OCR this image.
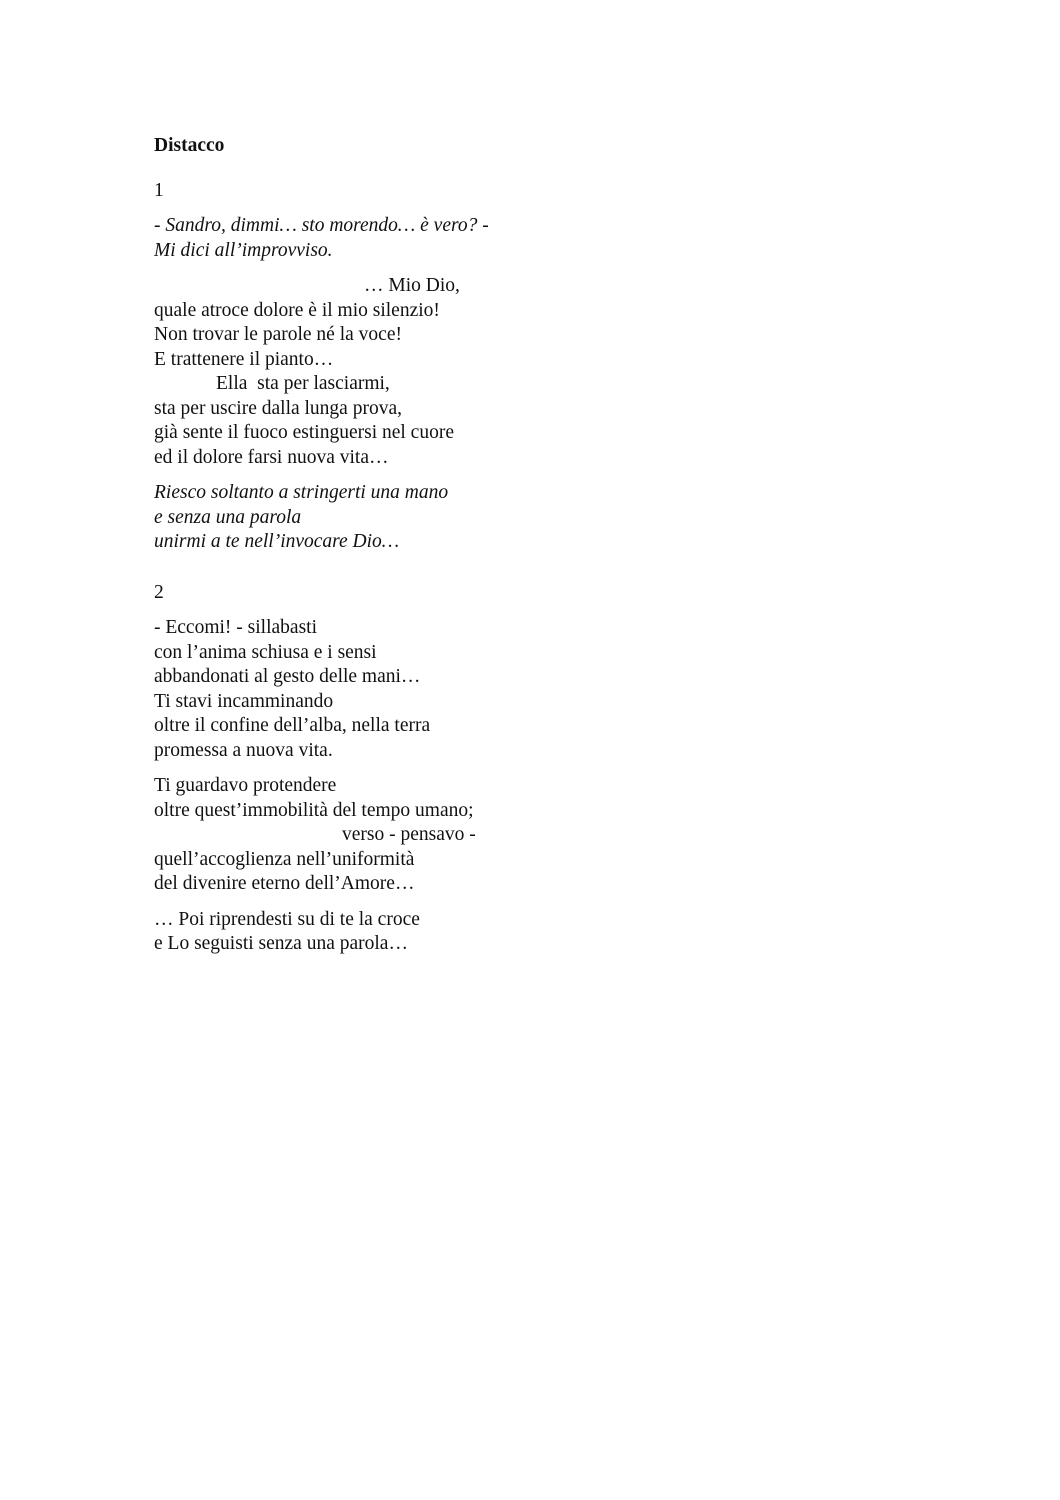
Distacco
1
- Sandro, dimmi… sto morendo… è vero? -
Mi dici all’improvviso.
… Mio Dio,
quale atroce dolore è il mio silenzio!
Non trovar le parole né la voce!
E trattenere il pianto…
Ella  sta per lasciarmi,
sta per uscire dalla lunga prova,
già sente il fuoco estinguersi nel cuore
ed il dolore farsi nuova vita…
Riesco soltanto a stringerti una mano
e senza una parola
unirmi a te nell’invocare Dio…
2
- Eccomi! - sillabasti
con l’anima schiusa e i sensi
abbandonati al gesto delle mani…
Ti stavi incamminando
oltre il confine dell’alba, nella terra
promessa a nuova vita.
Ti guardavo protendere
oltre quest’immobilità del tempo umano;
verso - pensavo -
quell’accoglienza nell’uniformità
del divenire eterno dell’Amore…
… Poi riprendesti su di te la croce
e Lo seguisti senza una parola…
